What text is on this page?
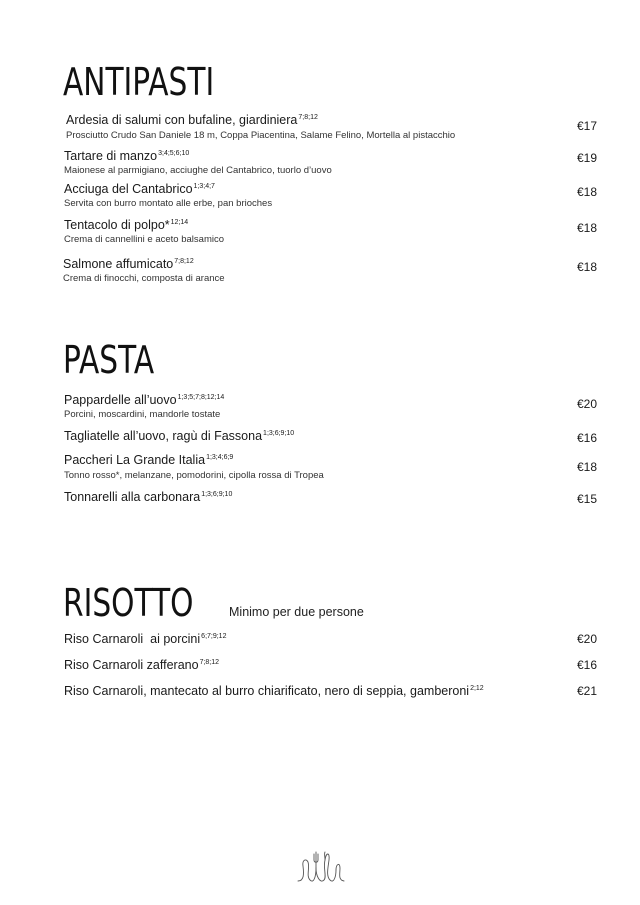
ANTIPASTI
Ardesia di salumi con bufaline, giardiniera$^{7;8;12}$
Prosciutto Crudo San Daniele 18 m, Coppa Piacentina, Salame Felino, Mortella al pistacchio
€17
Tartare di manzo$^{3;4;5;6;10}$
Maionese al parmigiano, acciughe del Cantabrico, tuorlo d’uovo
€19
Acciuga del Cantabrico$^{1;3;4;7}$
Servita con burro montato alle erbe, pan brioches
€18
Tentacolo di polpo*$^{12;14}$
Crema di cannellini e aceto balsamico
€18
Salmone affumicato$^{7;8;12}$
Crema di finocchi, composta di arance
€18
PASTA
Pappardelle all’uovo$^{1;3;5;7;8;12;14}$
Porcini, moscardini, mandorle tostate
€20
Tagliatelle all’uovo, ragù di Fassona$^{1;3;6;9;10}$	€16
Paccheri La Grande Italia$^{1;3;4;6;9}$
Tonno rosso*, melanzane, pomodorini, cipolla rossa di Tropea
€18
Tonnarelli alla carbonara$^{1;3;6;9;10}$	€15
RISOTTO	Minimo per due persone
Riso Carnaroli  ai porcini$^{6;7;9;12}$	€20
Riso Carnaroli zafferano$^{7;8;12}$	€16
Riso Carnaroli, mantecato al burro chiarificato, nero di seppia, gamberoni$^{2;12}$	€21
